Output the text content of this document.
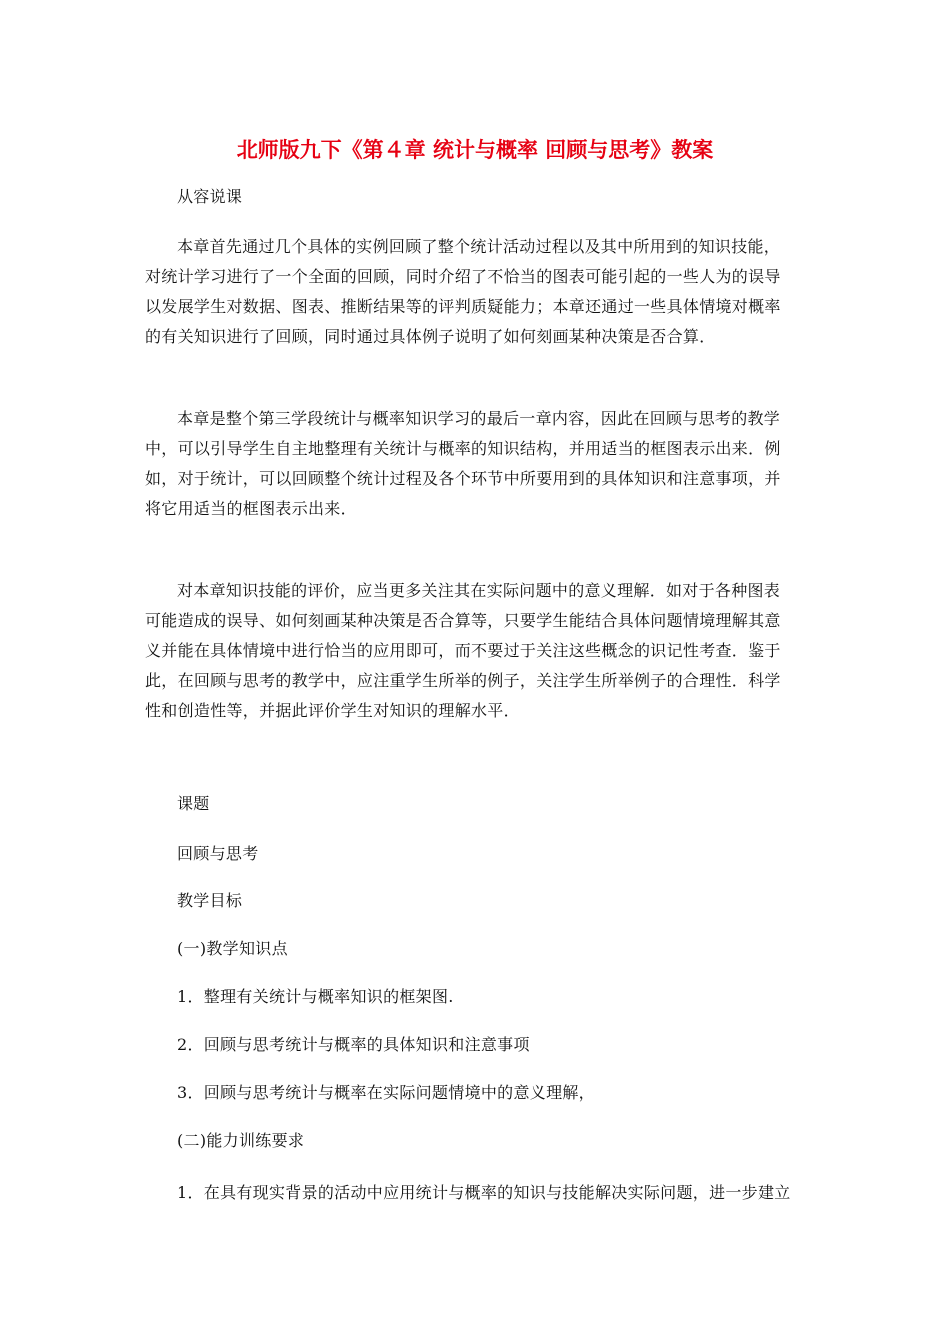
北师版九下《第４章 统计与概率 回顾与思考》教案
从容说课
本章首先通过几个具体的实例回顾了整个统计活动过程以及其中所用到的知识技能，
对统计学习进行了一个全面的回顾，同时介绍了不恰当的图表可能引起的一些人为的误导
以发展学生对数据、图表、推断结果等的评判质疑能力；本章还通过一些具体情境对概率
的有关知识进行了回顾，同时通过具体例子说明了如何刻画某种决策是否合算．
本章是整个第三学段统计与概率知识学习的最后一章内容，因此在回顾与思考的教学
中，可以引导学生自主地整理有关统计与概率的知识结构，并用适当的框图表示出来．例
如，对于统计，可以回顾整个统计过程及各个环节中所要用到的具体知识和注意事项，并
将它用适当的框图表示出来．
对本章知识技能的评价，应当更多关注其在实际问题中的意义理解．如对于各种图表
可能造成的误导、如何刻画某种决策是否合算等，只要学生能结合具体问题情境理解其意
义并能在具体情境中进行恰当的应用即可，而不要过于关注这些概念的识记性考查．鉴于
此，在回顾与思考的教学中，应注重学生所举的例子，关注学生所举例子的合理性．科学
性和创造性等，并据此评价学生对知识的理解水平．
课题
回顾与思考
教学目标
(一)教学知识点
1．整理有关统计与概率知识的框架图.
2．回顾与思考统计与概率的具体知识和注意事项
3．回顾与思考统计与概率在实际问题情境中的意义理解，
(二)能力训练要求
1．在具有现实背景的活动中应用统计与概率的知识与技能解决实际问题，进一步建立
